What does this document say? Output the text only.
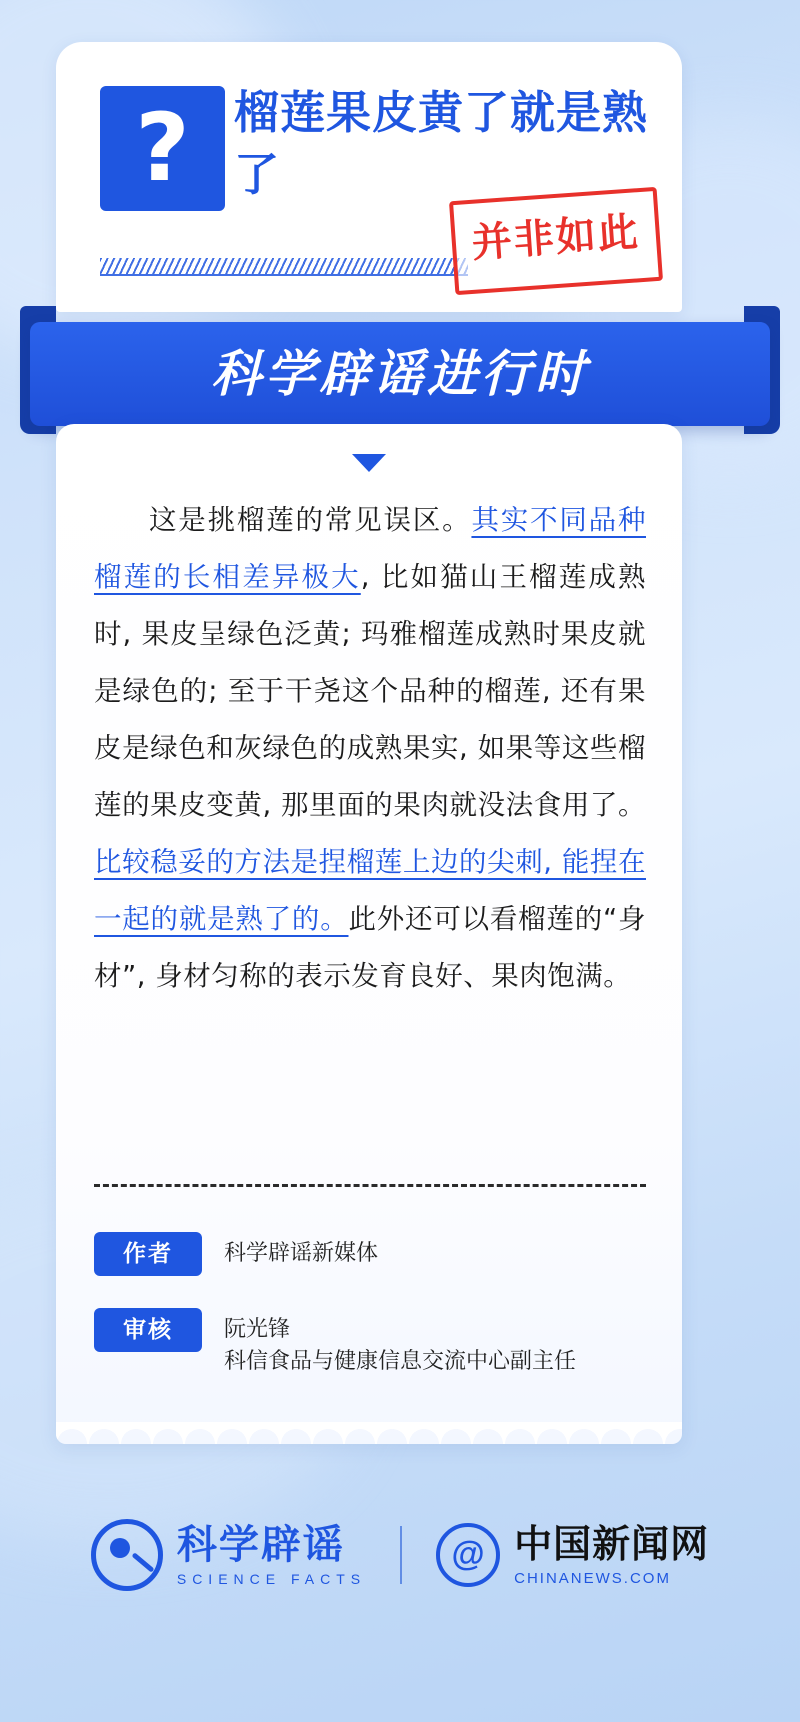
? 榴莲果皮黄了就是熟了
并非如此
科学辟谣进行时
这是挑榴莲的常见误区。其实不同品种榴莲的长相差异极大, 比如猫山王榴莲成熟时, 果皮呈绿色泛黄; 玛雅榴莲成熟时果皮就是绿色的; 至于干尧这个品种的榴莲, 还有果皮是绿色和灰绿色的成熟果实, 如果等这些榴莲的果皮变黄, 那里面的果肉就没法食用了。比较稳妥的方法是捏榴莲上边的尖刺, 能捏在一起的就是熟了的。此外还可以看榴莲的“身材”, 身材匀称的表示发育良好、果肉饱满。
作者	科学辟谣新媒体
审核	阮光锋
科信食品与健康信息交流中心副主任
科学辟谣
SCIENCE FACTS
@ 中国新闻网
CHINANEWS.COM
